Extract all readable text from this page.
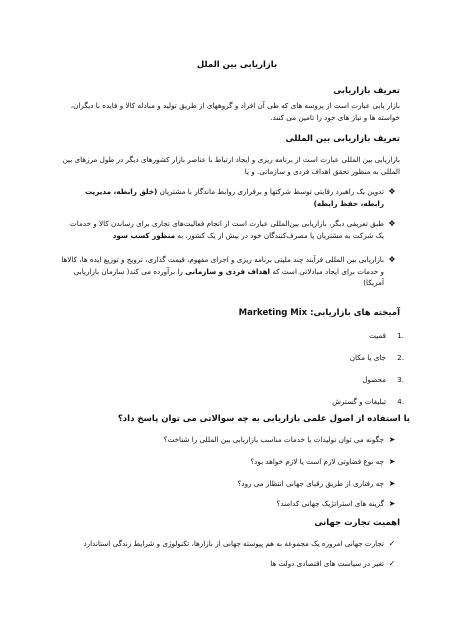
بازاریابی بین الملل
تعریف بازاریابی
بازار یابی عبارت است از پروسه های که طی آن افراد و گروههای از طریق تولید و مبادله کالا و فایده با دیگران، خواسته ها و نیاز های خود را تامین می کنند.
تعریف بازاریابی بین المللی
بازاریابی بین المللی عبارت است از برنامه ریزی و ایجاد ارتباط با عناصر بازار کشورهای دیگر در طول مرزهای بین المللی به منظور تحقق اهداف فردی و سازمانی. و یا
❖
تدوین یک راهبرد رقابتی توسط شرکتها و برقراری روابط ماندگار با مشتریان (خلق رابطه، مدیریت رابطه، حفظ رابطه)
❖
طبق تعریفی دیگر، بازاریابی بین‌المللی عبارت است از انجام فعالیت‌های تجاری برای رساندن کالا و خدمات یک شرکت به مشتریان یا مصرف‌کنندگان خود در بیش از یک کشور، به منظور کسب سود
❖
بازاریابی بین المللی فرآیند چند ملیتی برنامه ریزی و اجرای مفهوم، قیمت گذاری، ترویج و توزیع ایده ها، کالاها و خدمات برای ایجاد مبادلاتی است که اهداف فردی و سازمانی را برآورده می کند( سازمان بازاریابی آمریکا)
آمیخته های بازاریابی: Marketing Mix
1.
قمیت
2.
جای یا مکان
3.
محصول
4.
تبلیغات و گسترش
با استفاده از اصول علمی بازاریابی به چه سوالاتی می توان پاسخ داد؟
➤
چگونه می توان تولیدات یا خدمات مناسب بازاریابی بین المللی را شناخت؟
➤
چه نوع فضاوتی لازم است یا لازم خواهد بود؟
➤
چه رفتاری از طریق رقبای جهانی انتظار می رود؟
➤
گزینه های استراتژیک جهانی کدامند؟
اهمیت تجارت جهانی
✓
تجارت جهانی امروزه یک مجموعه به هم پیوسته جهانی از بازارها، تکنولوژی و شرایط زندگی استاندارد
✓
تغیر در سیاست های اقتصادی دولت ها
